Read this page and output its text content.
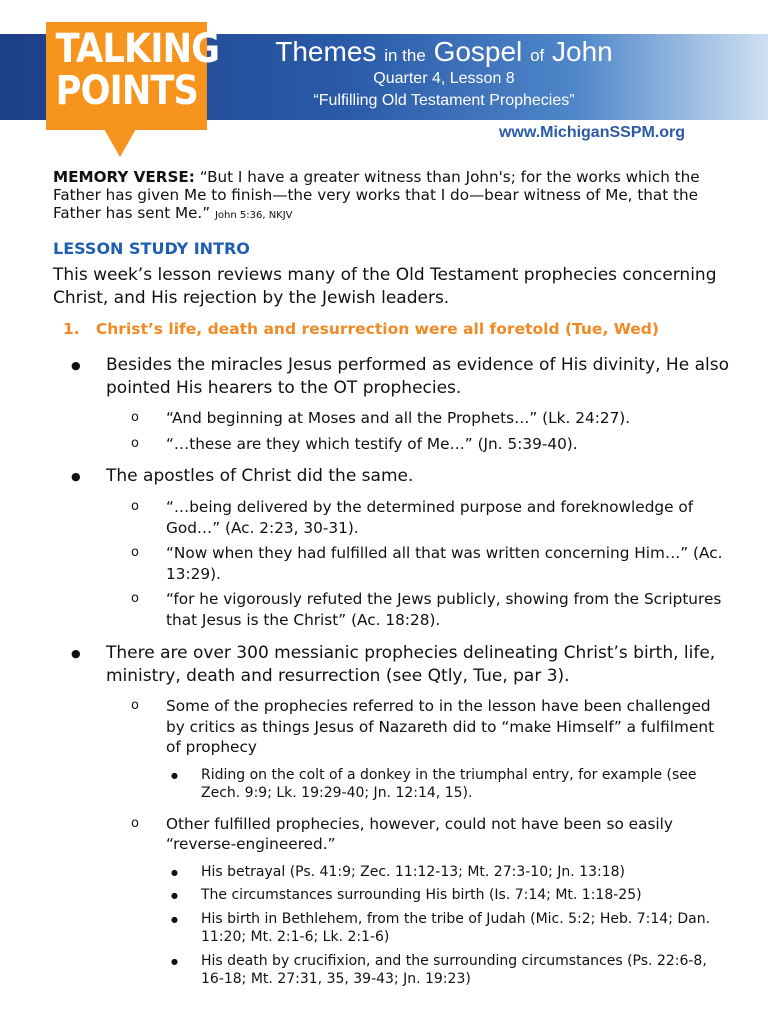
TALKING
POINTS
Themes in the Gospel of John
Quarter 4, Lesson 8
“Fulfilling Old Testament Prophecies”
www.MichiganSSPM.org

MEMORY VERSE: “But I have a greater witness than John's; for the works which the Father has given Me to finish—the very works that I do—bear witness of Me, that the Father has sent Me.” John 5:36, NKJV

LESSON STUDY INTRO
This week’s lesson reviews many of the Old Testament prophecies concerning Christ, and His rejection by the Jewish leaders.
1. Christ’s life, death and resurrection were all foretold (Tue, Wed)
● Besides the miracles Jesus performed as evidence of His divinity, He also pointed His hearers to the OT prophecies.
o “And beginning at Moses and all the Prophets…” (Lk. 24:27).
o “…these are they which testify of Me…” (Jn. 5:39-40).
● The apostles of Christ did the same.
o “…being delivered by the determined purpose and foreknowledge of God…” (Ac. 2:23, 30-31).
o “Now when they had fulfilled all that was written concerning Him…” (Ac. 13:29).
o “for he vigorously refuted the Jews publicly, showing from the Scriptures that Jesus is the Christ” (Ac. 18:28).
● There are over 300 messianic prophecies delineating Christ’s birth, life, ministry, death and resurrection (see Qtly, Tue, par 3).
o Some of the prophecies referred to in the lesson have been challenged by critics as things Jesus of Nazareth did to “make Himself” a fulfilment of prophecy
● Riding on the colt of a donkey in the triumphal entry, for example (see Zech. 9:9; Lk. 19:29-40; Jn. 12:14, 15).
o Other fulfilled prophecies, however, could not have been so easily “reverse-engineered.”
● His betrayal (Ps. 41:9; Zec. 11:12-13; Mt. 27:3-10; Jn. 13:18)
● The circumstances surrounding His birth (Is. 7:14; Mt. 1:18-25)
● His birth in Bethlehem, from the tribe of Judah (Mic. 5:2; Heb. 7:14; Dan. 11:20; Mt. 2:1-6; Lk. 2:1-6)
● His death by crucifixion, and the surrounding circumstances (Ps. 22:6-8, 16-18; Mt. 27:31, 35, 39-43; Jn. 19:23)
